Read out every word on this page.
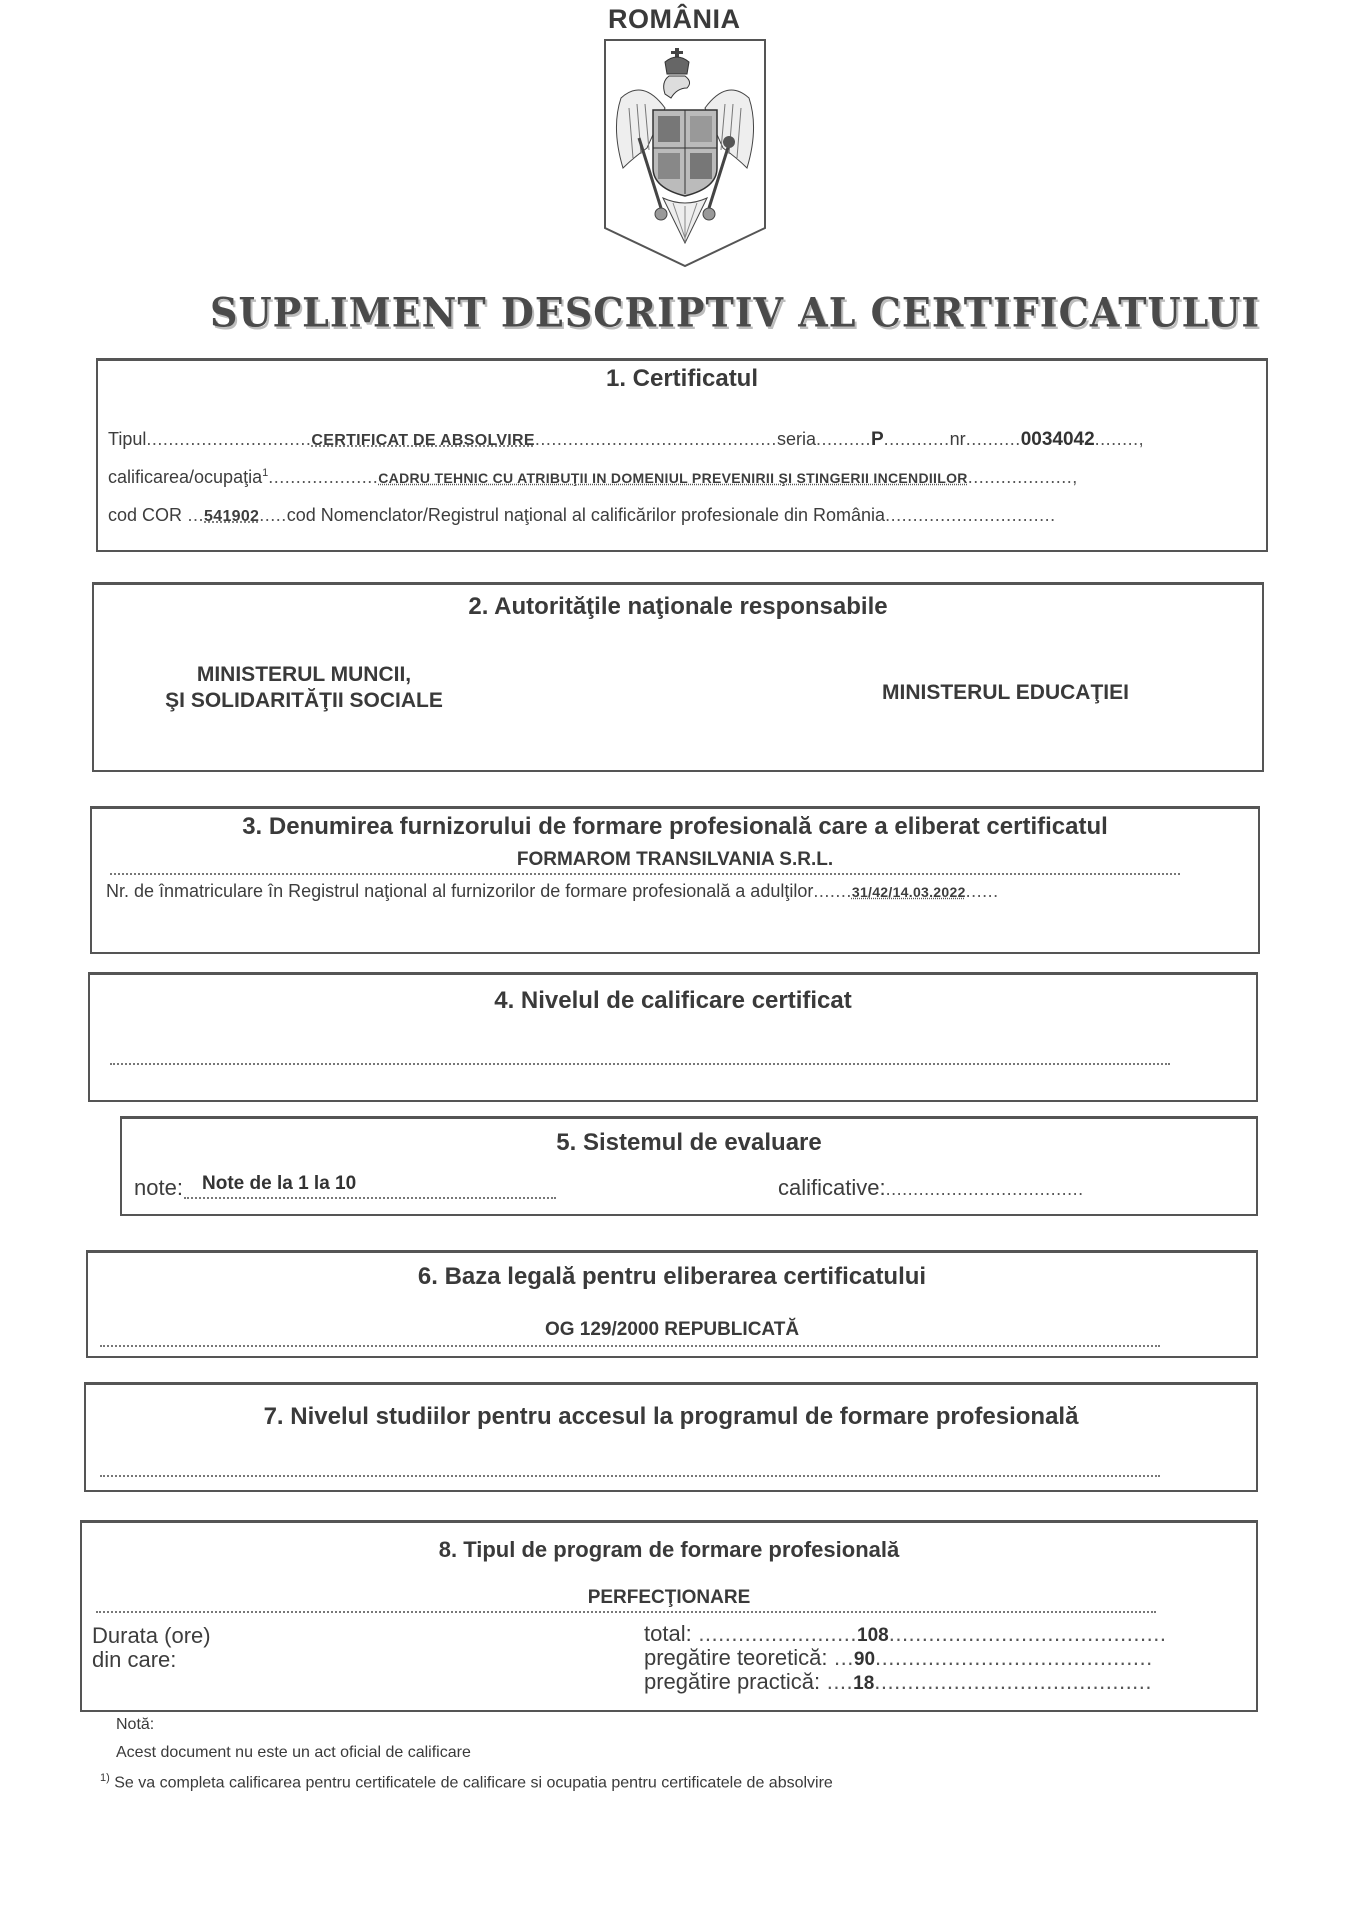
ROMÂNIA
SUPLIMENT DESCRIPTIV AL CERTIFICATULUI
1. Certificatul
Tipul..............................CERTIFICAT DE ABSOLVIRE............................................seria..........P............nr..........0034042........,
calificarea/ocupaţia$^1$....................CADRU TEHNIC CU ATRIBUŢII IN DOMENIUL PREVENIRII ŞI STINGERII INCENDIILOR...................,
cod COR ...541902.....cod Nomenclator/Registrul naţional al calificărilor profesionale din România...............................
2. Autorităţile naţionale responsabile
MINISTERUL MUNCII,
ŞI SOLIDARITĂŢII SOCIALE	MINISTERUL EDUCAŢIEI
3. Denumirea furnizorului de formare profesională care a eliberat certificatul
FORMAROM TRANSILVANIA S.R.L.
Nr. de înmatriculare în Registrul naţional al furnizorilor de formare profesională a adulţilor.......31/42/14.03.2022......
4. Nivelul de calificare certificat
5. Sistemul de evaluare
note: Note de la 1 la 10	calificative:....................................
6. Baza legală pentru eliberarea certificatului
OG 129/2000 REPUBLICATĂ
7. Nivelul studiilor pentru accesul la programul de formare profesională
8. Tipul de program de formare profesională
PERFECŢIONARE
Durata (ore)
din care:
total: ........................108..........................................
pregătire teoretică: ...90..........................................
pregătire practică: ....18..........................................
Notă:
Acest document nu este un act oficial de calificare
$^{1)}$ Se va completa calificarea pentru certificatele de calificare si ocupatia pentru certificatele de absolvire
